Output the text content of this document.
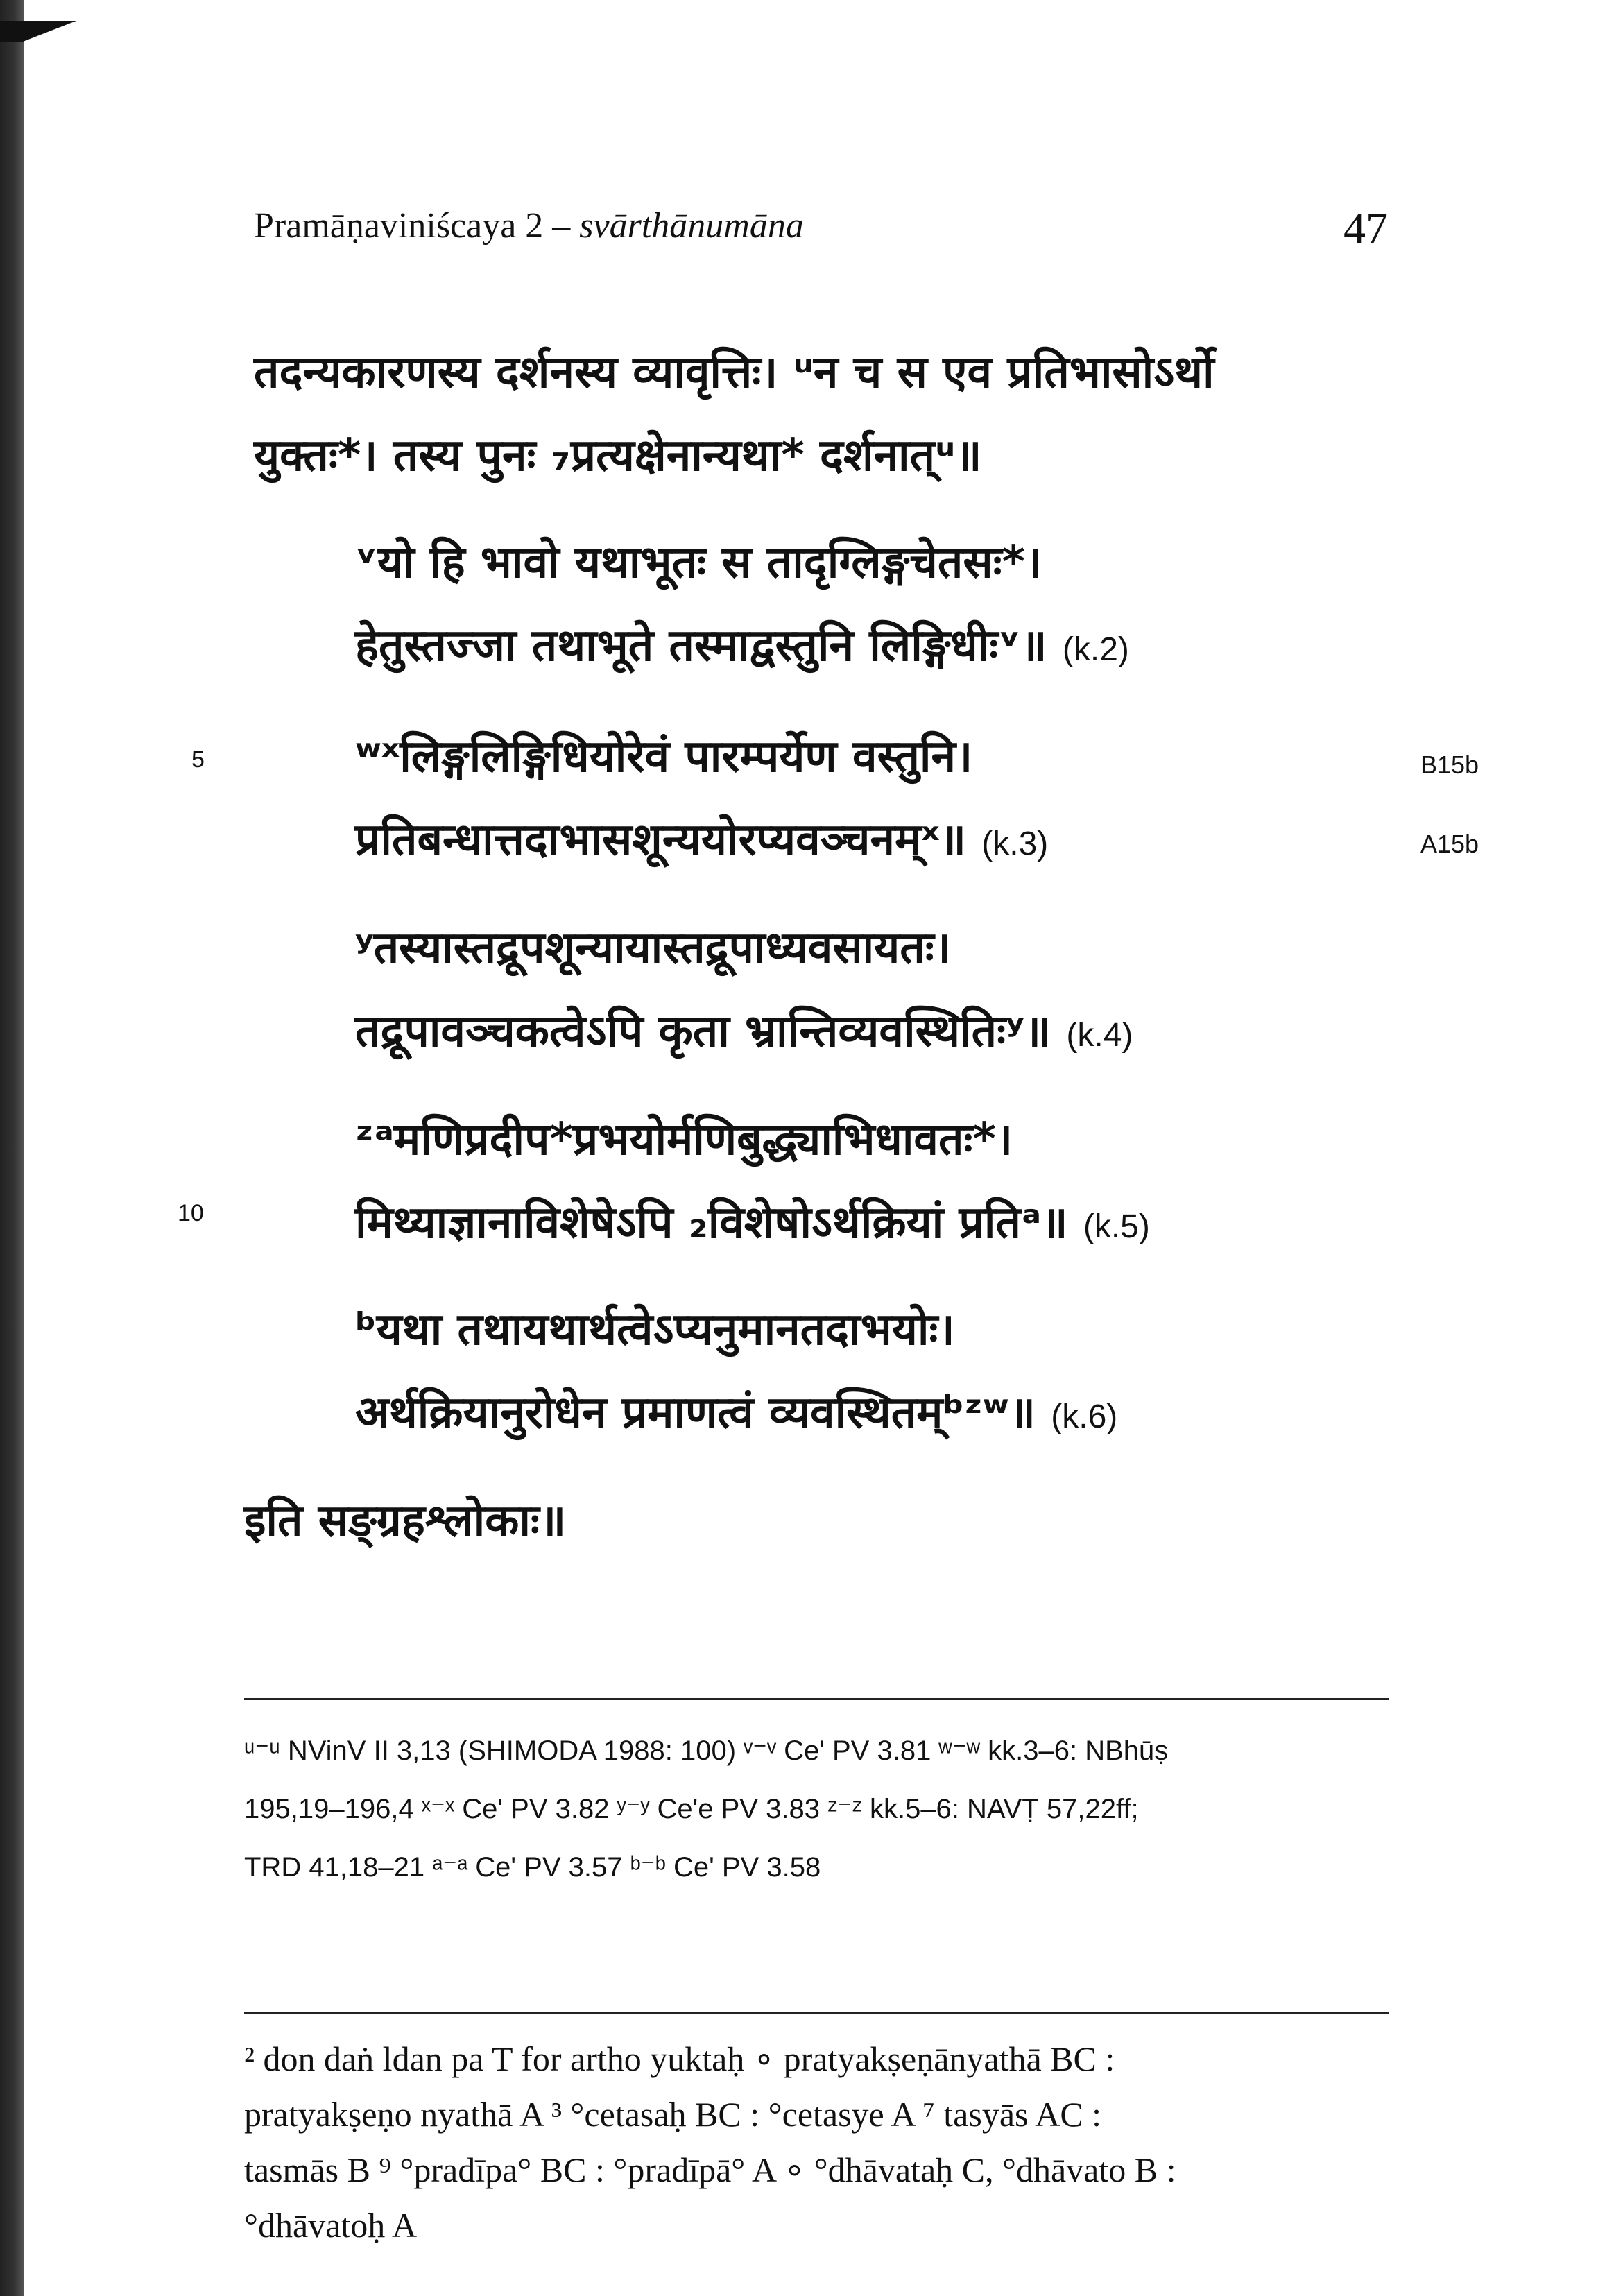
Pramāṇaviniścaya 2 – svārthānumāna	47
तदन्यकारणस्य दर्शनस्य व्यावृत्तिः। ᵘन च स एव प्रतिभासोऽर्थो
युक्तः*। तस्य पुनः ₇प्रत्यक्षेनान्यथा* दर्शनात्ᵘ॥
ᵛयो हि भावो यथाभूतः स तादृग्लिङ्गचेतसः*।
हेतुस्तज्जा तथाभूते तस्माद्वस्तुनि लिङ्गिधीःᵛ॥ (k.2)
ʷˣलिङ्गलिङ्गिधियोरेवं पारम्पर्येण वस्तुनि।
प्रतिबन्धात्तदाभासशून्ययोरप्यवञ्चनम्ˣ॥ (k.3)
ʸतस्यास्तद्रूपशून्यायास्तद्रूपाध्यवसायतः।
तद्रूपावञ्चकत्वेऽपि कृता भ्रान्तिव्यवस्थितिःʸ॥ (k.4)
ᶻᵃमणिप्रदीप*प्रभयोर्मणिबुद्ध्याभिधावतः*।
मिथ्याज्ञानाविशेषेऽपि ₂विशेषोऽर्थक्रियां प्रतिᵃ॥ (k.5)
ᵇयथा तथायथार्थत्वेऽप्यनुमानतदाभयोः।
अर्थक्रियानुरोधेन प्रमाणत्वं व्यवस्थितम्ᵇᶻʷ॥ (k.6)
इति सङ्ग्रहश्लोकाः॥
5
10
B15b
A15b
ᵘ⁻ᵘ NVinV II 3,13 (SHIMODA 1988: 100) ᵛ⁻ᵛ Ce' PV 3.81 ʷ⁻ʷ kk.3–6: NBhūṣ
195,19–196,4 ˣ⁻ˣ Ce' PV 3.82 ʸ⁻ʸ Ce'e PV 3.83 ᶻ⁻ᶻ kk.5–6: NAVṬ 57,22ff;
TRD 41,18–21 ᵃ⁻ᵃ Ce' PV 3.57 ᵇ⁻ᵇ Ce' PV 3.58
² don daṅ ldan pa T for artho yuktaḥ ∘ pratyakṣeṇānyathā BC :
pratyakṣeṇo nyathā A ³ °cetasaḥ BC : °cetasye A ⁷ tasyās AC :
tasmās B ⁹ °pradīpa° BC : °pradīpā° A ∘ °dhāvataḥ C, °dhāvato B :
°dhāvatoḥ A
